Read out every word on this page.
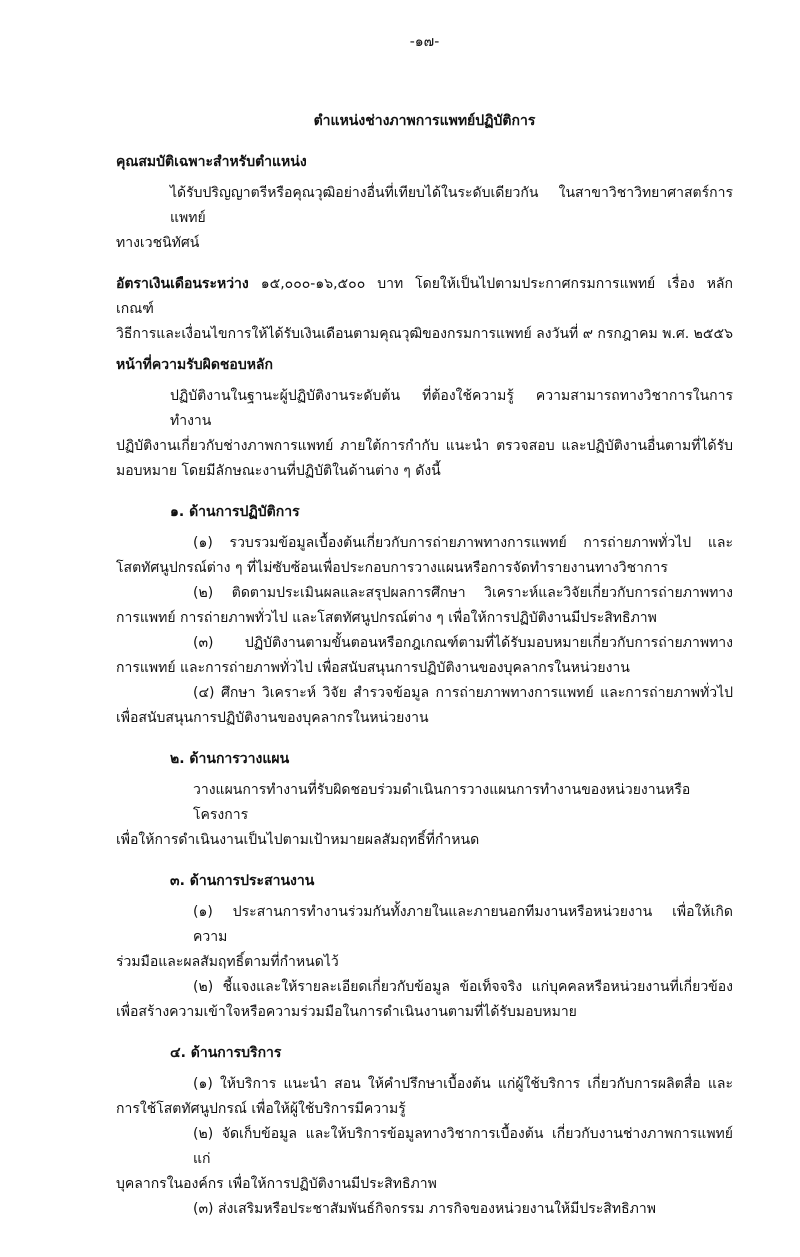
-๑๗-
ตำแหน่งช่างภาพการแพทย์ปฏิบัติการ
คุณสมบัติเฉพาะสำหรับตำแหน่ง
ได้รับปริญญาตรีหรือคุณวุฒิอย่างอื่นที่เทียบได้ในระดับเดียวกัน ในสาขาวิชาวิทยาศาสตร์การแพทย์
ทางเวชนิทัศน์
อัตราเงินเดือนระหว่าง ๑๕,๐๐๐-๑๖,๕๐๐ บาท โดยให้เป็นไปตามประกาศกรมการแพทย์ เรื่อง หลักเกณฑ์
วิธีการและเงื่อนไขการให้ได้รับเงินเดือนตามคุณวุฒิของกรมการแพทย์ ลงวันที่ ๙ กรกฎาคม พ.ศ. ๒๕๕๖
หน้าที่ความรับผิดชอบหลัก
ปฏิบัติงานในฐานะผู้ปฏิบัติงานระดับต้น ที่ต้องใช้ความรู้ ความสามารถทางวิชาการในการทำงาน
ปฏิบัติงานเกี่ยวกับช่างภาพการแพทย์ ภายใต้การกำกับ แนะนำ ตรวจสอบ และปฏิบัติงานอื่นตามที่ได้รับ
มอบหมาย โดยมีลักษณะงานที่ปฏิบัติในด้านต่าง ๆ ดังนี้
๑. ด้านการปฏิบัติการ
(๑) รวบรวมข้อมูลเบื้องต้นเกี่ยวกับการถ่ายภาพทางการแพทย์ การถ่ายภาพทั่วไป และ
โสตทัศนูปกรณ์ต่าง ๆ ที่ไม่ซับซ้อนเพื่อประกอบการวางแผนหรือการจัดทำรายงานทางวิชาการ
(๒) ติดตามประเมินผลและสรุปผลการศึกษา วิเคราะห์และวิจัยเกี่ยวกับการถ่ายภาพทาง
การแพทย์ การถ่ายภาพทั่วไป และโสตทัศนูปกรณ์ต่าง ๆ เพื่อให้การปฏิบัติงานมีประสิทธิภาพ
(๓) ปฏิบัติงานตามขั้นตอนหรือกฎเกณฑ์ตามที่ได้รับมอบหมายเกี่ยวกับการถ่ายภาพทาง
การแพทย์ และการถ่ายภาพทั่วไป เพื่อสนับสนุนการปฏิบัติงานของบุคลากรในหน่วยงาน
(๔) ศึกษา วิเคราะห์ วิจัย สำรวจข้อมูล การถ่ายภาพทางการแพทย์ และการถ่ายภาพทั่วไป
เพื่อสนับสนุนการปฏิบัติงานของบุคลากรในหน่วยงาน
๒. ด้านการวางแผน
วางแผนการทำงานที่รับผิดชอบร่วมดำเนินการวางแผนการทำงานของหน่วยงานหรือโครงการ
เพื่อให้การดำเนินงานเป็นไปตามเป้าหมายผลสัมฤทธิ์ที่กำหนด
๓. ด้านการประสานงาน
(๑) ประสานการทำงานร่วมกันทั้งภายในและภายนอกทีมงานหรือหน่วยงาน เพื่อให้เกิดความ
ร่วมมือและผลสัมฤทธิ์ตามที่กำหนดไว้
(๒) ชี้แจงและให้รายละเอียดเกี่ยวกับข้อมูล ข้อเท็จจริง แก่บุคคลหรือหน่วยงานที่เกี่ยวข้อง
เพื่อสร้างความเข้าใจหรือความร่วมมือในการดำเนินงานตามที่ได้รับมอบหมาย
๔. ด้านการบริการ
(๑) ให้บริการ แนะนำ สอน ให้คำปรึกษาเบื้องต้น แก่ผู้ใช้บริการ เกี่ยวกับการผลิตสื่อ และ
การใช้โสตทัศนูปกรณ์ เพื่อให้ผู้ใช้บริการมีความรู้
(๒) จัดเก็บข้อมูล และให้บริการข้อมูลทางวิชาการเบื้องต้น เกี่ยวกับงานช่างภาพการแพทย์แก่
บุคลากรในองค์กร เพื่อให้การปฏิบัติงานมีประสิทธิภาพ
(๓) ส่งเสริมหรือประชาสัมพันธ์กิจกรรม ภารกิจของหน่วยงานให้มีประสิทธิภาพ
